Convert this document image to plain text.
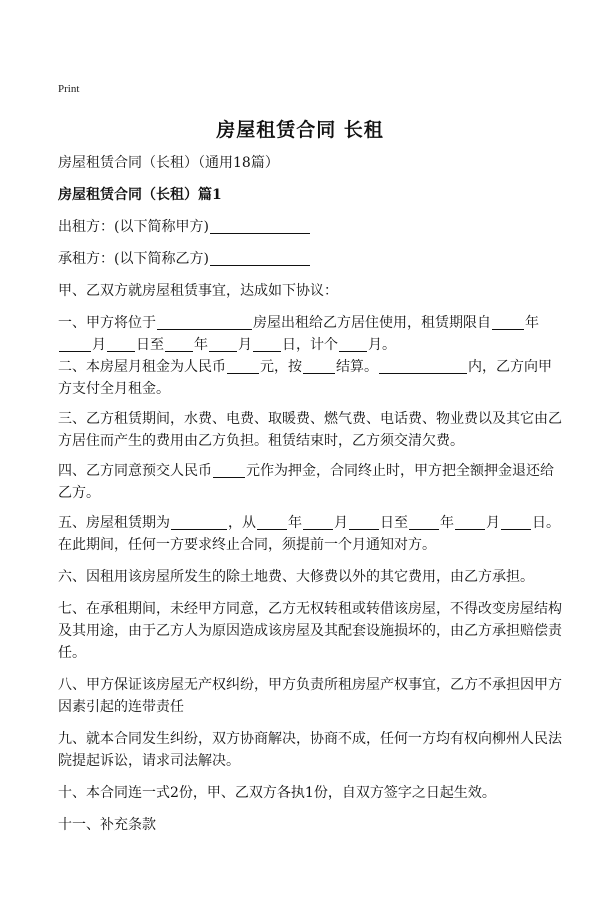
Print
房屋租赁合同 长租
房屋租赁合同（长租）（通用18篇）
房屋租赁合同（长租）篇1
出租方：(以下简称甲方)
承租方：(以下简称乙方)
甲、乙双方就房屋租赁事宜，达成如下协议：
一、甲方将位于	房屋出租给乙方居住使用，租赁期限自 年
月 日至 年 月 日，计个 月。
二、本房屋月租金为人民币 元，按 结算。	内，乙方向甲
方支付全月租金。
三、乙方租赁期间，水费、电费、取暖费、燃气费、电话费、物业费以及其它由乙
方居住而产生的费用由乙方负担。租赁结束时，乙方须交清欠费。
四、乙方同意预交人民币 元作为押金，合同终止时，甲方把全额押金退还给
乙方。
五、房屋租赁期为	，从 年 月 日至 年 月 日。
在此期间，任何一方要求终止合同，须提前一个月通知对方。
六、因租用该房屋所发生的除土地费、大修费以外的其它费用，由乙方承担。
七、在承租期间，未经甲方同意，乙方无权转租或转借该房屋，不得改变房屋结构
及其用途，由于乙方人为原因造成该房屋及其配套设施损坏的，由乙方承担赔偿责
任。
八、甲方保证该房屋无产权纠纷，甲方负责所租房屋产权事宜，乙方不承担因甲方
因素引起的连带责任
九、就本合同发生纠纷，双方协商解决，协商不成，任何一方均有权向柳州人民法
院提起诉讼，请求司法解决。
十、本合同连一式2份，甲、乙双方各执1份，自双方签字之日起生效。
十一、补充条款
